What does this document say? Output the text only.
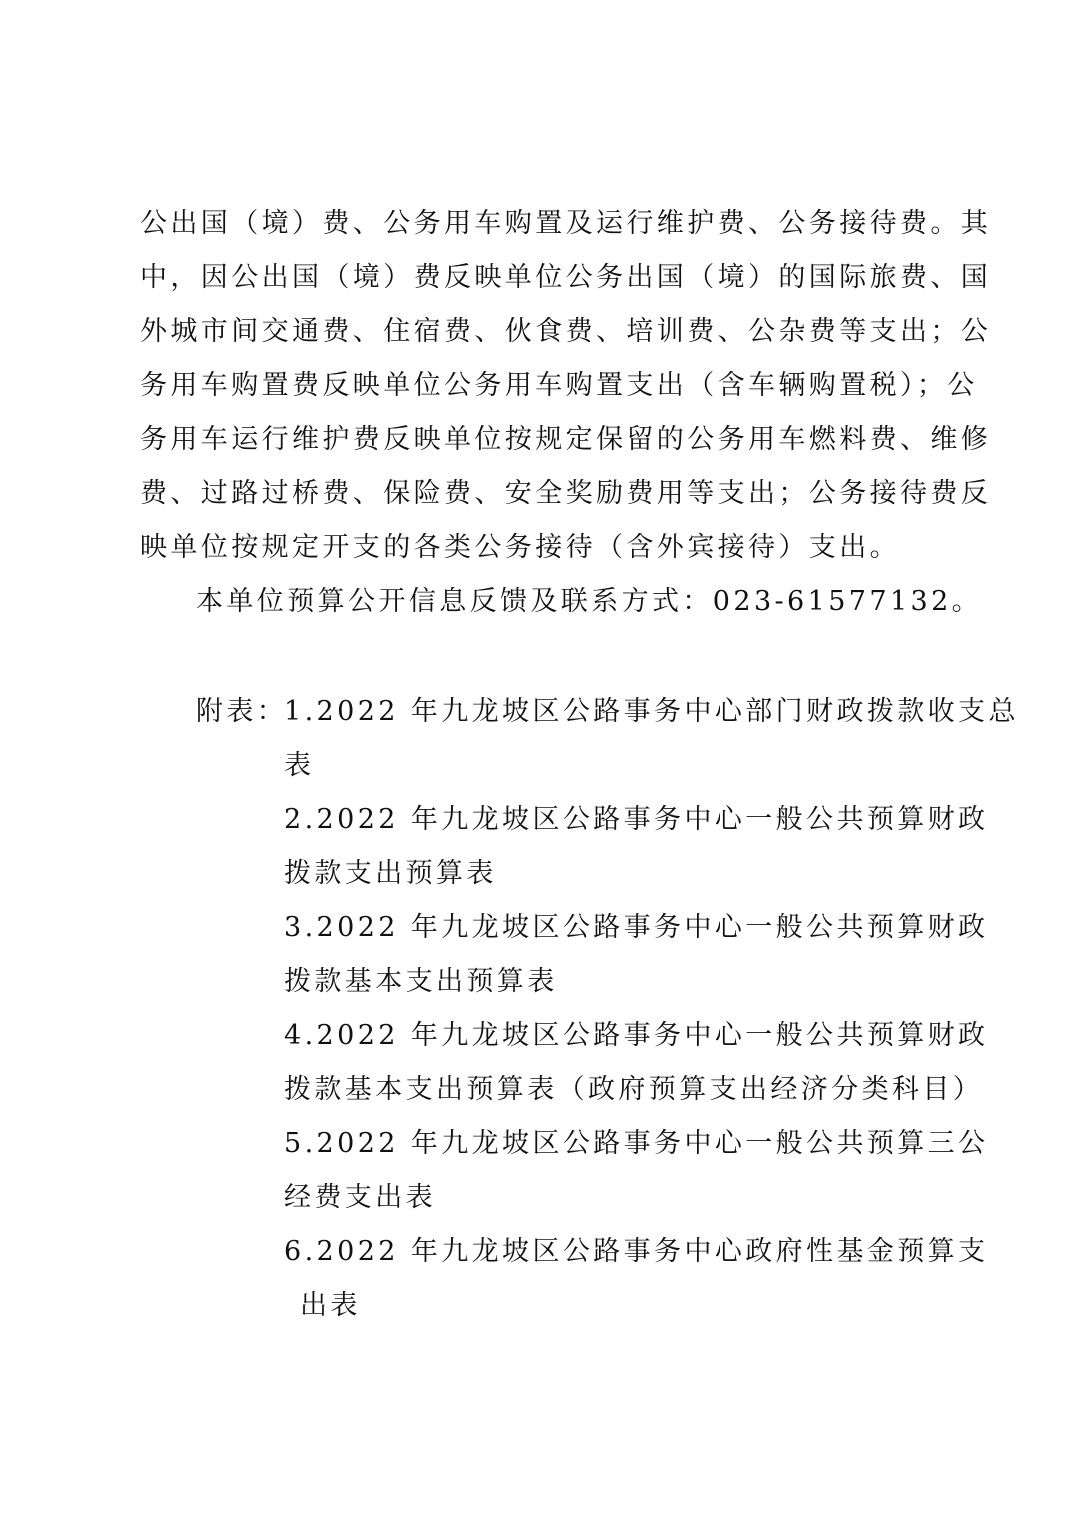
公出国（境）费、公务用车购置及运行维护费、公务接待费。其
中，因公出国（境）费反映单位公务出国（境）的国际旅费、国
外城市间交通费、住宿费、伙食费、培训费、公杂费等支出；公
务用车购置费反映单位公务用车购置支出（含车辆购置税）；公
务用车运行维护费反映单位按规定保留的公务用车燃料费、维修
费、过路过桥费、保险费、安全奖励费用等支出；公务接待费反
映单位按规定开支的各类公务接待（含外宾接待）支出。
本单位预算公开信息反馈及联系方式：023-61577132。
附表：
1.2022 年九龙坡区公路事务中心部门财政拨款收支总
表
2.2022 年九龙坡区公路事务中心一般公共预算财政
拨款支出预算表
3.2022 年九龙坡区公路事务中心一般公共预算财政
拨款基本支出预算表
4.2022 年九龙坡区公路事务中心一般公共预算财政
拨款基本支出预算表（政府预算支出经济分类科目）
5.2022 年九龙坡区公路事务中心一般公共预算三公
经费支出表
6.2022 年九龙坡区公路事务中心政府性基金预算支
出表
